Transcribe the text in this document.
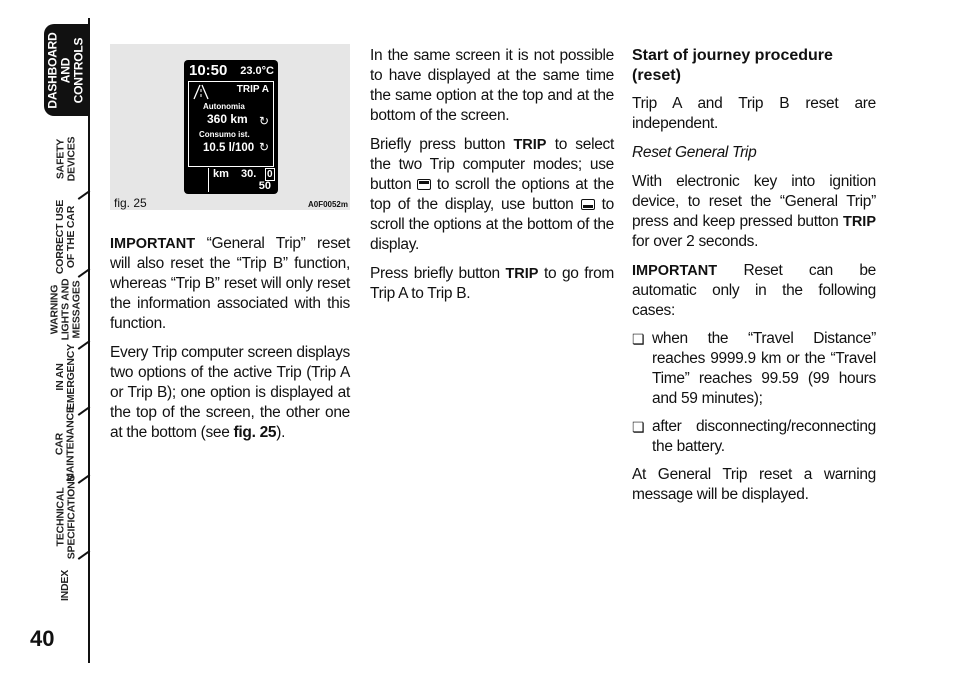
DASHBOARD
AND
CONTROLS
SAFETY
DEVICES
CORRECT USE
OF THE CAR
WARNING
LIGHTS AND
MESSAGES
IN AN
EMERGENCY
CAR
MAINTENANCE
TECHNICAL
SPECIFICATIONS
INDEX
40
10:50	23.0°C
TRIP A
Autonomia
360 km ↻
Consumo ist.
10.5 l/100 ↻
km 30. 0
50
fig. 25	A0F0052m

IMPORTANT “General Trip” reset will also reset the “Trip B” function, whereas “Trip B” reset will only reset the information associated with this function.

Every Trip computer screen displays two options of the active Trip (Trip A or Trip B); one option is displayed at the top of the screen, the other one at the bottom (see fig. 25).

In the same screen it is not possible to have displayed at the same time the same option at the top and at the bottom of the screen.

Briefly press button TRIP to select the two Trip computer modes; use button  to scroll the options at the top of the display, use button  to scroll the options at the bottom of the display.

Press briefly button TRIP to go from Trip A to Trip B.

Start of journey procedure (reset)

Trip A and Trip B reset are independent.

Reset General Trip

With electronic key into ignition device, to reset the “General Trip” press and keep pressed button TRIP for over 2 seconds.

IMPORTANT Reset can be automatic only in the following cases:

❏ when the “Travel Distance” reaches 9999.9 km or the “Travel Time” reaches 99.59 (99 hours and 59 minutes);
❏ after disconnecting/reconnecting the battery.

At General Trip reset a warning message will be displayed.
